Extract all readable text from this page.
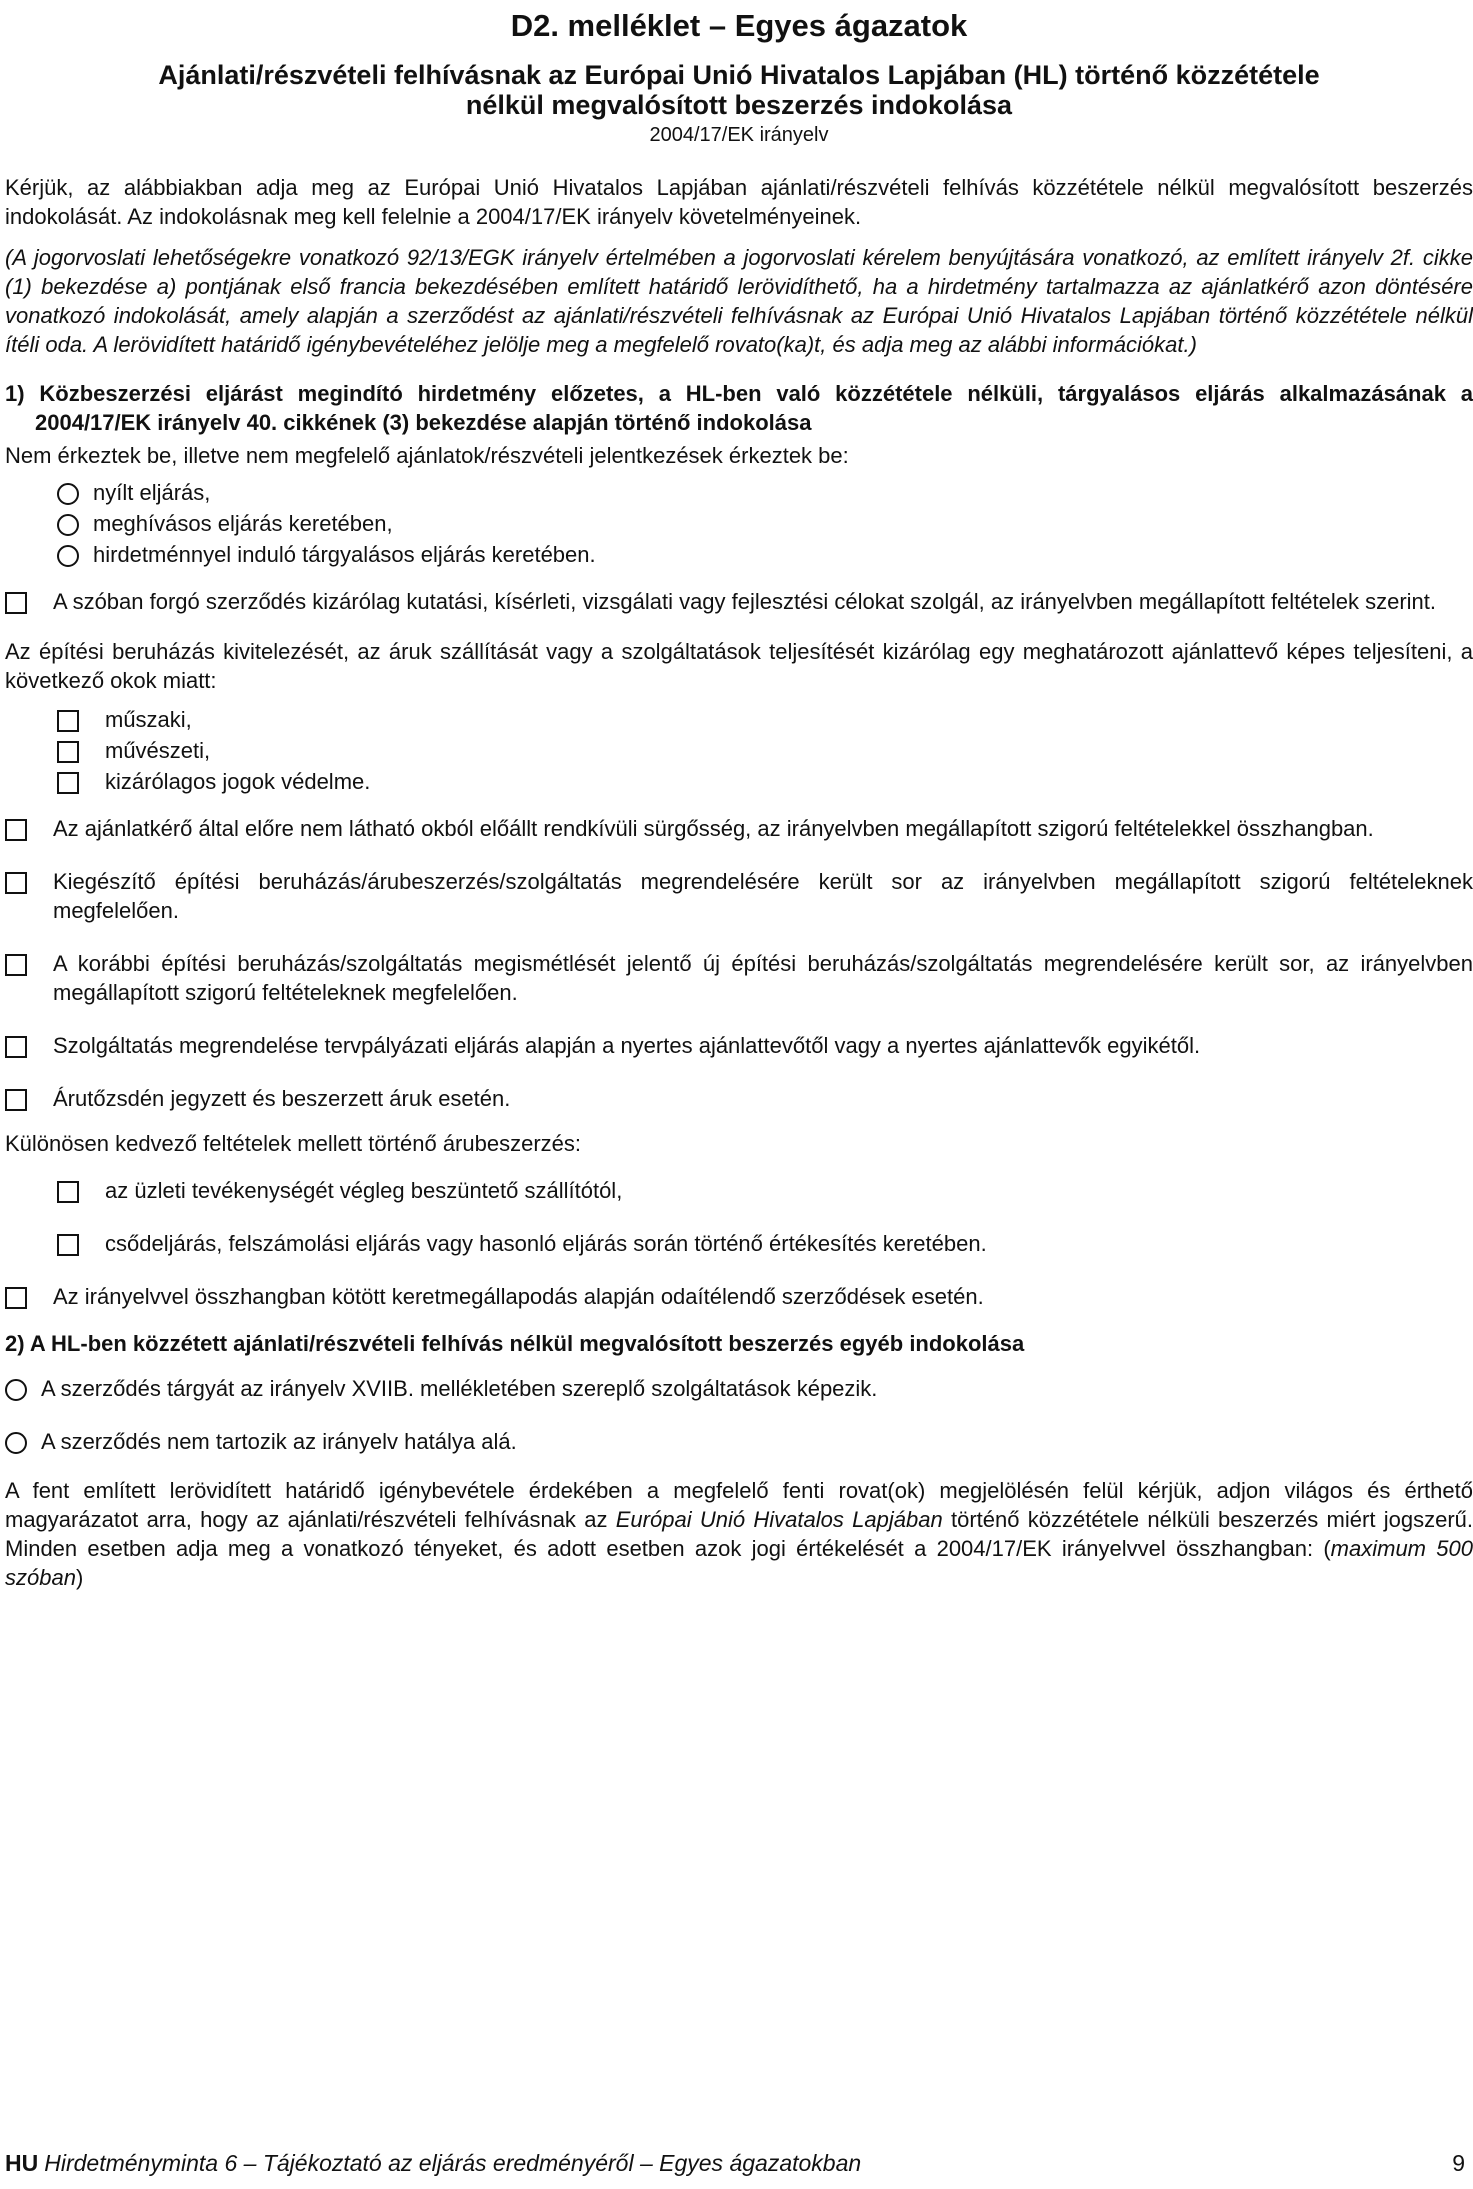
D2. melléklet – Egyes ágazatok
Ajánlati/részvételi felhívásnak az Európai Unió Hivatalos Lapjában (HL) történő közzététele nélkül megvalósított beszerzés indokolása
2004/17/EK irányelv

Kérjük, az alábbiakban adja meg az Európai Unió Hivatalos Lapjában ajánlati/részvételi felhívás közzététele nélkül megvalósított beszerzés indokolását. Az indokolásnak meg kell felelnie a 2004/17/EK irányelv követelményeinek.

(A jogorvoslati lehetőségekre vonatkozó 92/13/EGK irányelv értelmében a jogorvoslati kérelem benyújtására vonatkozó, az említett irányelv 2f. cikke (1) bekezdése a) pontjának első francia bekezdésében említett határidő lerövidíthető, ha a hirdetmény tartalmazza az ajánlatkérő azon döntésére vonatkozó indokolását, amely alapján a szerződést az ajánlati/részvételi felhívásnak az Európai Unió Hivatalos Lapjában történő közzététele nélkül ítéli oda. A lerövidített határidő igénybevételéhez jelölje meg a megfelelő rovato(ka)t, és adja meg az alábbi információkat.)

1) Közbeszerzési eljárást megindító hirdetmény előzetes, a HL-ben való közzététele nélküli, tárgyalásos eljárás alkalmazásának a 2004/17/EK irányelv 40. cikkének (3) bekezdése alapján történő indokolása

Nem érkeztek be, illetve nem megfelelő ajánlatok/részvételi jelentkezések érkeztek be:

nyílt eljárás,
meghívásos eljárás keretében,
hirdetménnyel induló tárgyalásos eljárás keretében.
A szóban forgó szerződés kizárólag kutatási, kísérleti, vizsgálati vagy fejlesztési célokat szolgál, az irányelvben megállapított feltételek szerint.

Az építési beruházás kivitelezését, az áruk szállítását vagy a szolgáltatások teljesítését kizárólag egy meghatározott ajánlattevő képes teljesíteni, a következő okok miatt:

műszaki,
művészeti,
kizárólagos jogok védelme.
Az ajánlatkérő által előre nem látható okból előállt rendkívüli sürgősség, az irányelvben megállapított szigorú feltételekkel összhangban.
Kiegészítő építési beruházás/árubeszerzés/szolgáltatás megrendelésére került sor az irányelvben megállapított szigorú feltételeknek megfelelően.
A korábbi építési beruházás/szolgáltatás megismétlését jelentő új építési beruházás/szolgáltatás megrendelésére került sor, az irányelvben megállapított szigorú feltételeknek megfelelően.
Szolgáltatás megrendelése tervpályázati eljárás alapján a nyertes ajánlattevőtől vagy a nyertes ajánlattevők egyikétől.
Árutőzsdén jegyzett és beszerzett áruk esetén.

Különösen kedvező feltételek mellett történő árubeszerzés:

az üzleti tevékenységét végleg beszüntető szállítótól,
csődeljárás, felszámolási eljárás vagy hasonló eljárás során történő értékesítés keretében.
Az irányelvvel összhangban kötött keretmegállapodás alapján odaítélendő szerződések esetén.

2) A HL-ben közzétett ajánlati/részvételi felhívás nélkül megvalósított beszerzés egyéb indokolása

A szerződés tárgyát az irányelv XVIIB. mellékletében szereplő szolgáltatások képezik.
A szerződés nem tartozik az irányelv hatálya alá.

A fent említett lerövidített határidő igénybevétele érdekében a megfelelő fenti rovat(ok) megjelölésén felül kérjük, adjon világos és érthető magyarázatot arra, hogy az ajánlati/részvételi felhívásnak az Európai Unió Hivatalos Lapjában történő közzététele nélküli beszerzés miért jogszerű. Minden esetben adja meg a vonatkozó tényeket, és adott esetben azok jogi értékelését a 2004/17/EK irányelvvel összhangban: (maximum 500 szóban)

HU Hirdetményminta 6 – Tájékoztató az eljárás eredményéről – Egyes ágazatokban	9
